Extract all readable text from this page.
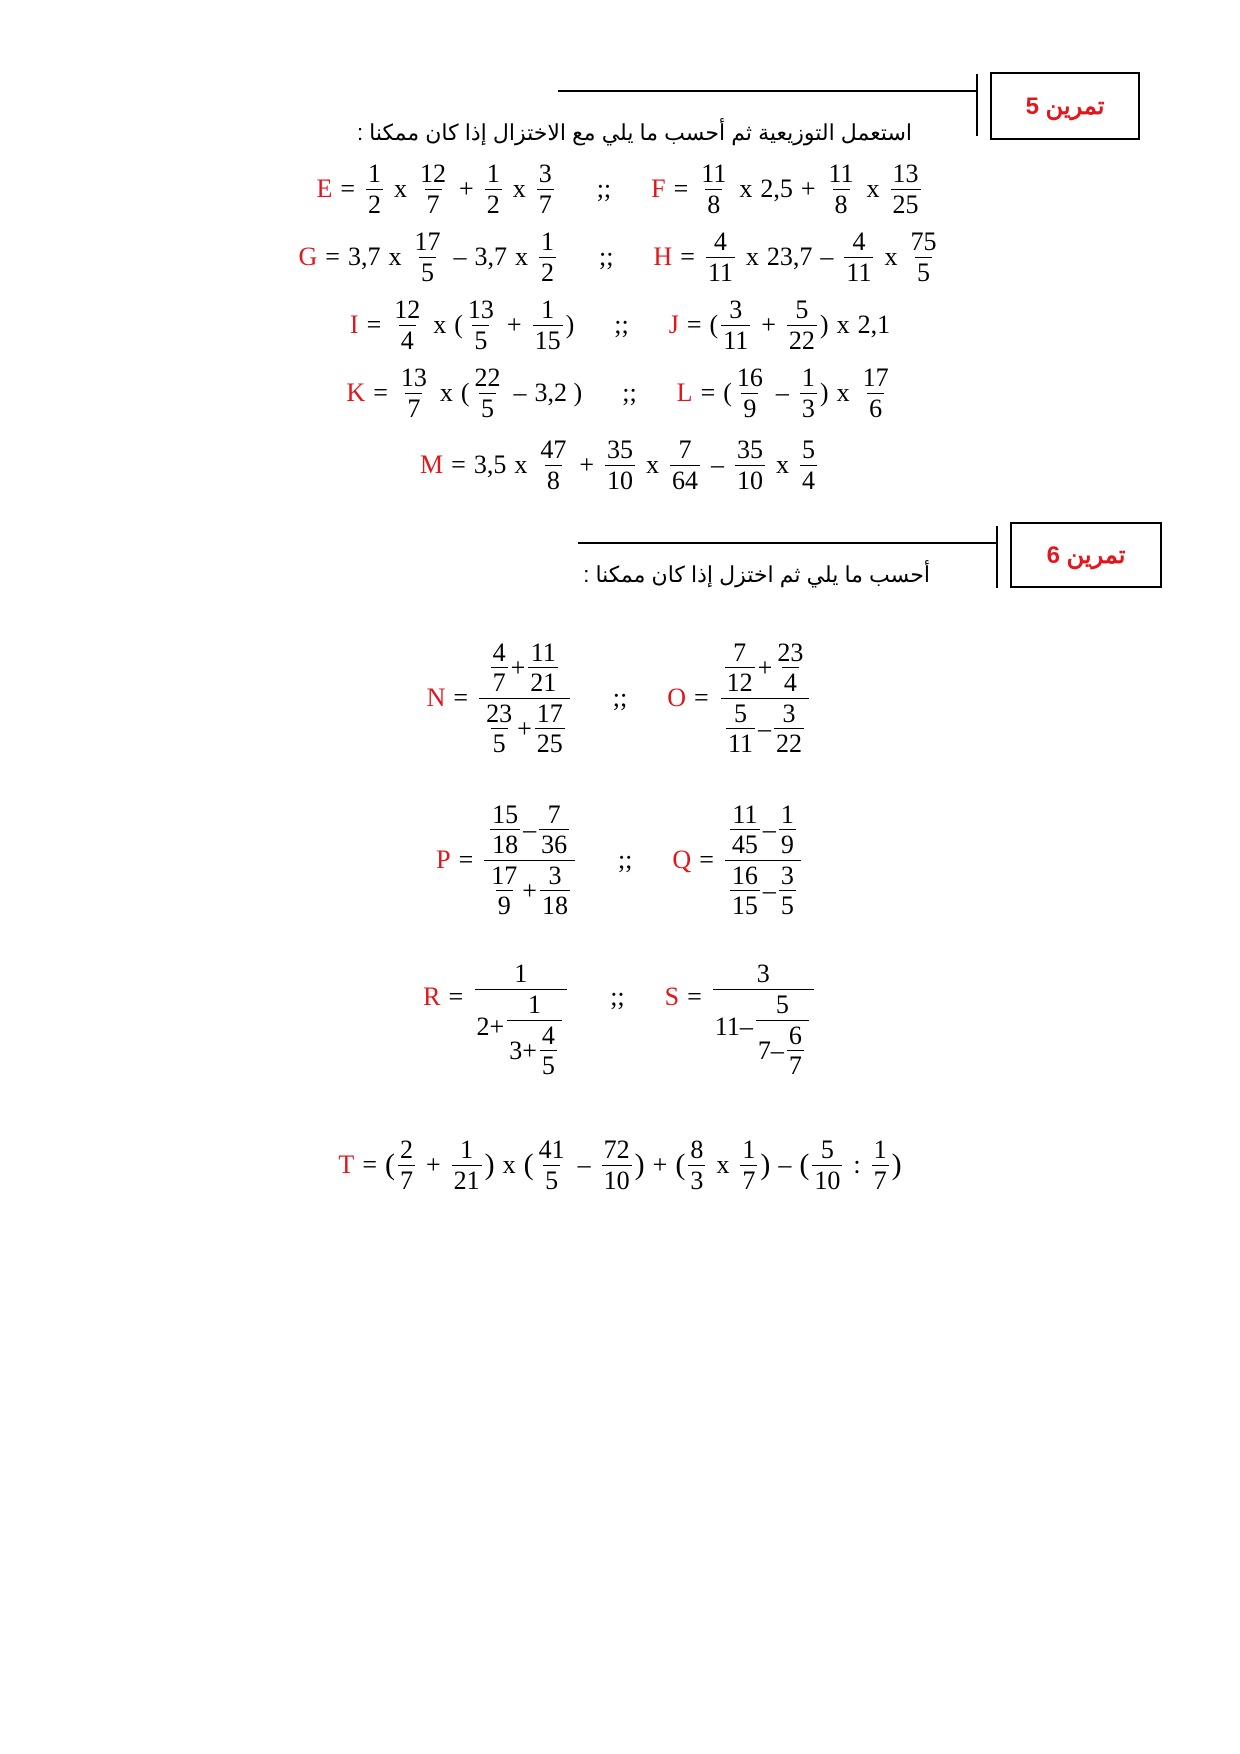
تمرين 5
استعمل التوزيعية ثم أحسب ما يلي مع الاختزال إذا كان ممكنا :
$E = \frac{1}{2}$ x $\frac{12}{7} + \frac{1}{2}$ x $\frac{3}{7}$ ;; $F = \frac{11}{8}$ x $2,5 + \frac{11}{8}$ x $\frac{13}{25}$
G = 3,7 x $\frac{17}{5} - 3,7$ x $\frac{1}{2}$ ;; $H = \frac{4}{11}$ x $23,7 - \frac{4}{11}$ x $\frac{75}{5}$
$I = \frac{12}{4}$ x ( $\frac{13}{5} + \frac{1}{15}$ ) ;; J = ( $\frac{3}{11} + \frac{5}{22}$ ) x 2,1
$K = \frac{13}{7}$ x ( $\frac{22}{5} - 3,2$ ) ;; L = ( $\frac{16}{9} - \frac{1}{3}$ ) x $\frac{17}{6}$
M = 3,5 x $\frac{47}{8} + \frac{35}{10}$ x $\frac{7}{64} - \frac{35}{10}$ x $\frac{5}{4}$
تمرين 6
أحسب ما يلي ثم اختزل إذا كان ممكنا :
$N = \frac{\frac{4}{7} + \frac{11}{21}}{\frac{23}{5} + \frac{17}{25}}$ ;; $O = \frac{\frac{7}{12} + \frac{23}{4}}{\frac{5}{11} - \frac{3}{22}}$
$P = \frac{\frac{15}{18} - \frac{7}{36}}{\frac{17}{9} + \frac{3}{18}}$ ;; $Q = \frac{\frac{11}{45} - \frac{1}{9}}{\frac{16}{15} - \frac{3}{5}}$
$R = \frac{1}{2 + \frac{1}{3 + \frac{4}{5}}}$ ;; $S = \frac{3}{11 - \frac{5}{7 - \frac{6}{7}}}$
T = ( $\frac{2}{7} + \frac{1}{21}$ ) x ( $\frac{41}{5} - \frac{72}{10}$ ) + ( $\frac{8}{3}$ x $\frac{1}{7}$ ) – ( $\frac{5}{10}$ : $\frac{1}{7}$ )
